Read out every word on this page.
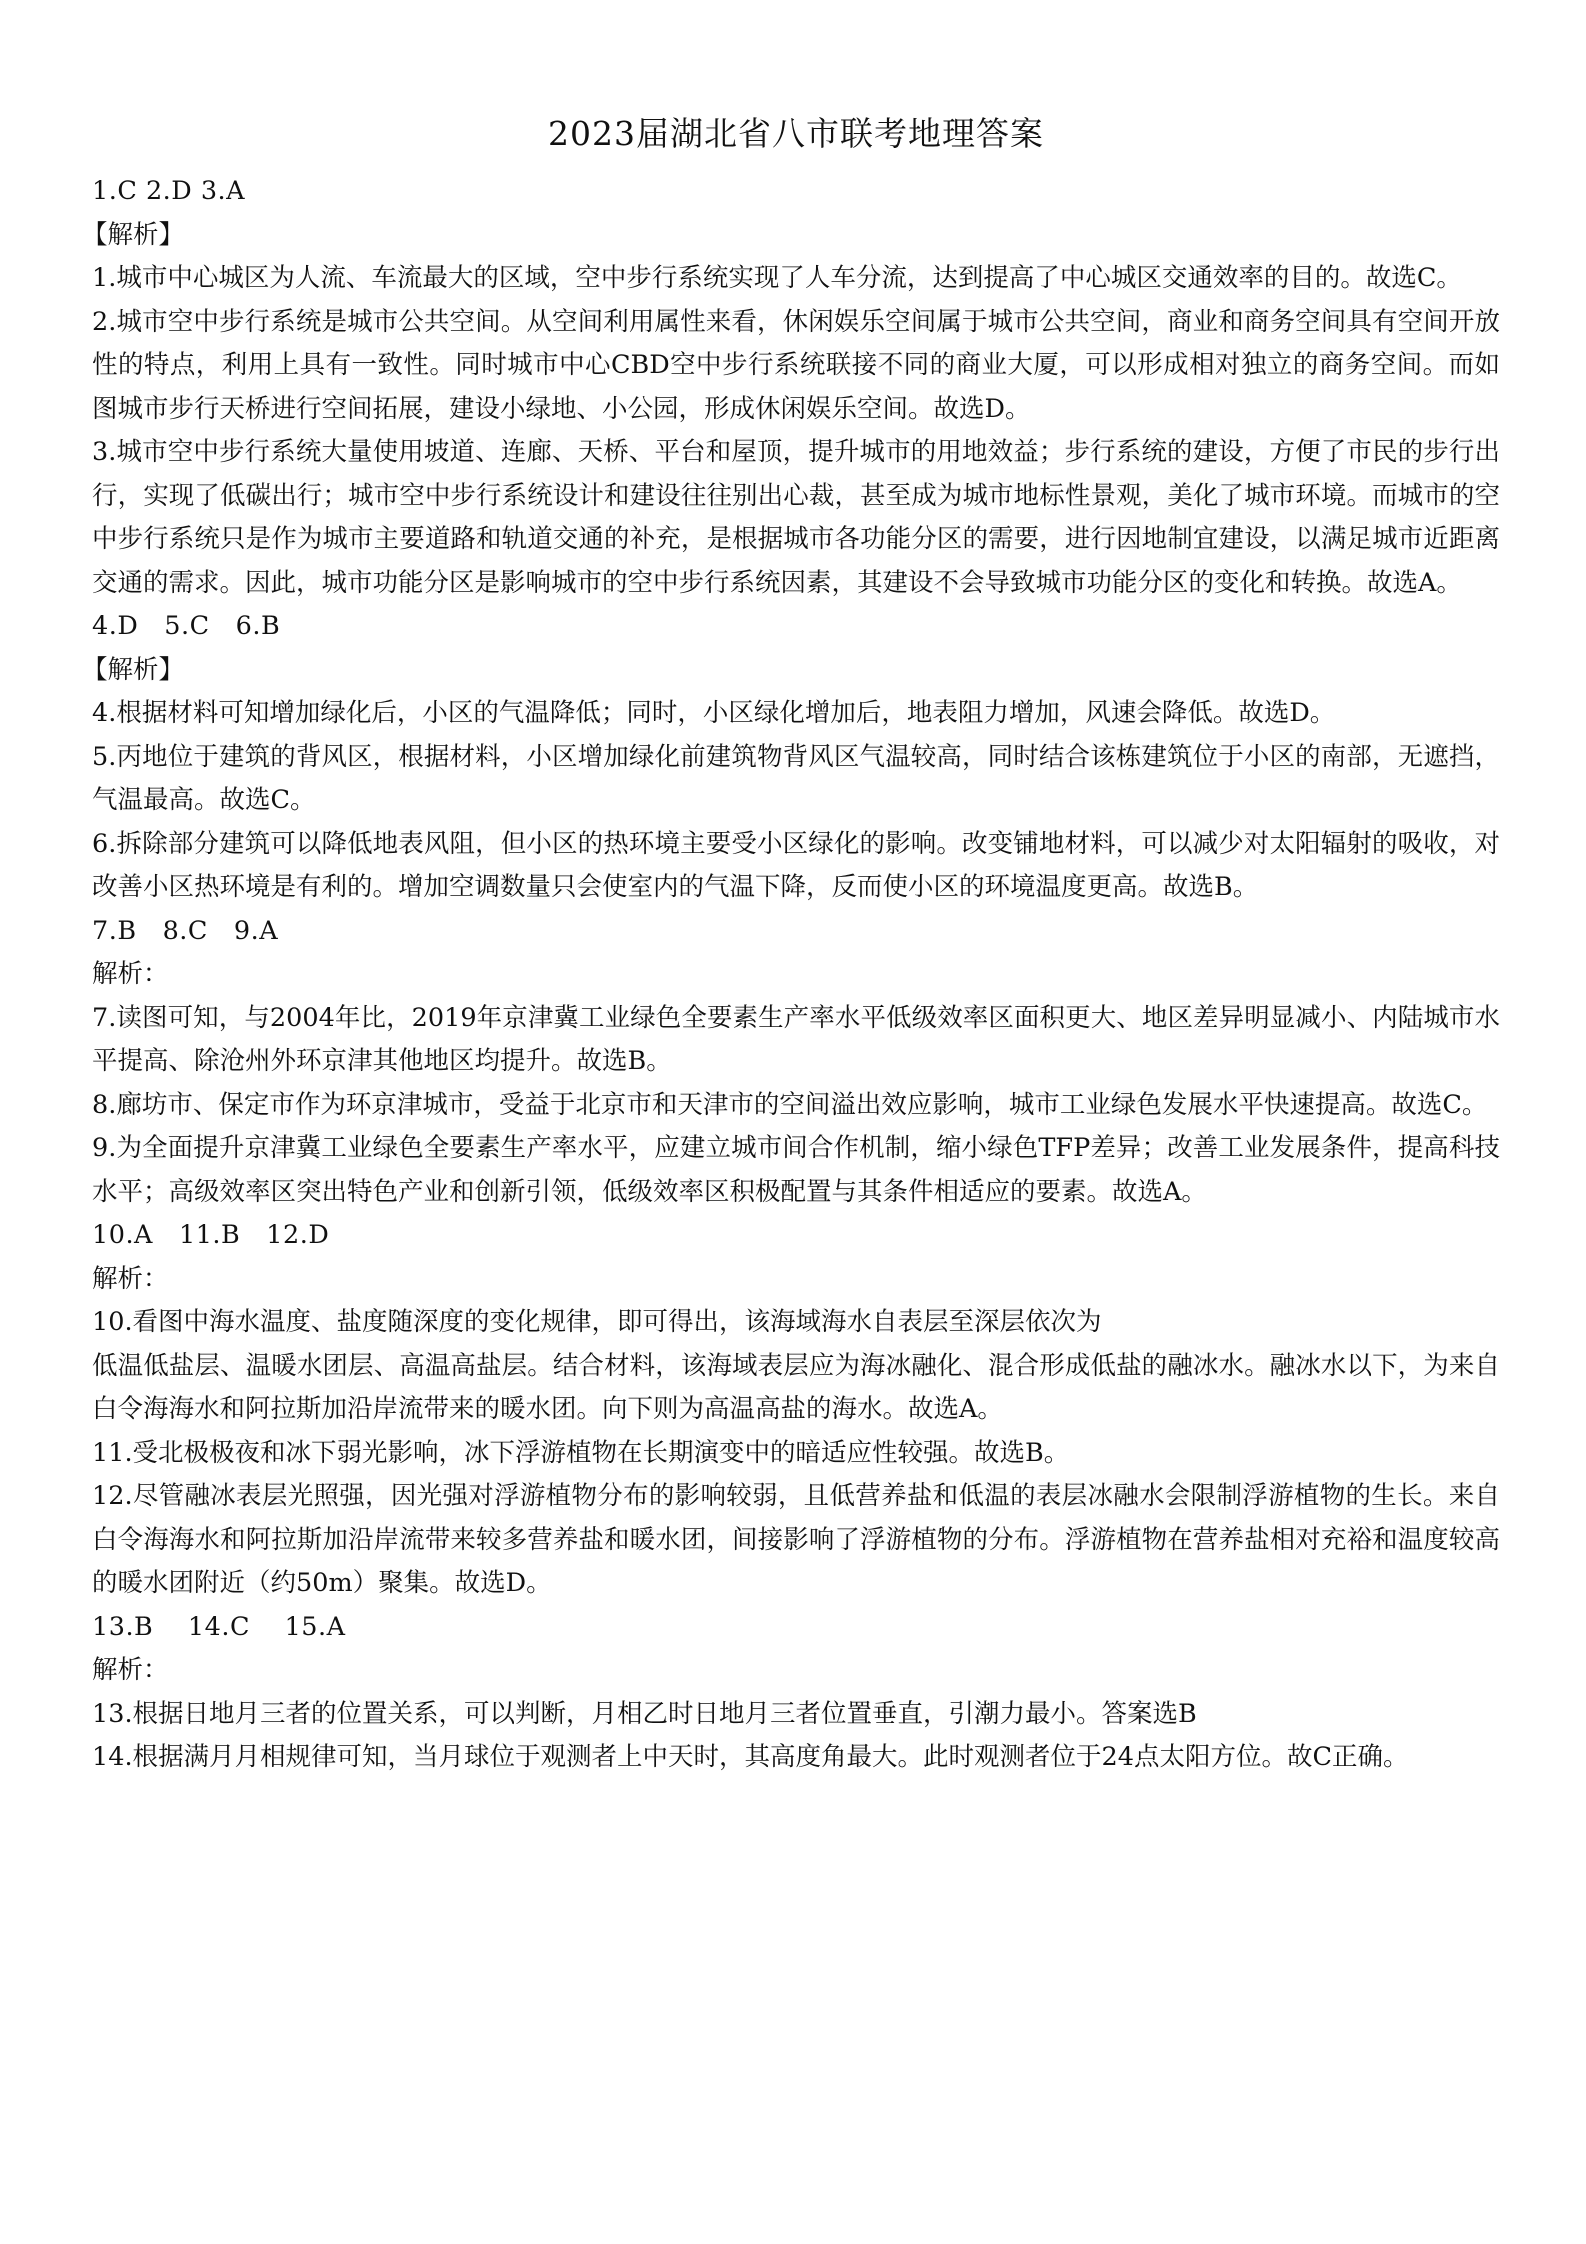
2023届湖北省八市联考地理答案

1.C 2.D 3.A

【解析】

1.城市中心城区为人流、车流最大的区域，空中步行系统实现了人车分流，达到提高了中心城区交通效率的目的。故选C。

2.城市空中步行系统是城市公共空间。从空间利用属性来看，休闲娱乐空间属于城市公共空间，商业和商务空间具有空间开放性的特点，利用上具有一致性。同时城市中心CBD空中步行系统联接不同的商业大厦，可以形成相对独立的商务空间。而如图城市步行天桥进行空间拓展，建设小绿地、小公园，形成休闲娱乐空间。故选D。

3.城市空中步行系统大量使用坡道、连廊、天桥、平台和屋顶，提升城市的用地效益；步行系统的建设，方便了市民的步行出行，实现了低碳出行；城市空中步行系统设计和建设往往别出心裁，甚至成为城市地标性景观，美化了城市环境。而城市的空中步行系统只是作为城市主要道路和轨道交通的补充，是根据城市各功能分区的需要，进行因地制宜建设，以满足城市近距离交通的需求。因此，城市功能分区是影响城市的空中步行系统因素，其建设不会导致城市功能分区的变化和转换。故选A。

4.D　5.C　6.B

【解析】

4.根据材料可知增加绿化后，小区的气温降低；同时，小区绿化增加后，地表阻力增加，风速会降低。故选D。

5.丙地位于建筑的背风区，根据材料，小区增加绿化前建筑物背风区气温较高，同时结合该栋建筑位于小区的南部，无遮挡，气温最高。故选C。

6.拆除部分建筑可以降低地表风阻，但小区的热环境主要受小区绿化的影响。改变铺地材料，可以减少对太阳辐射的吸收，对改善小区热环境是有利的。增加空调数量只会使室内的气温下降，反而使小区的环境温度更高。故选B。

7.B　8.C　9.A

解析：

7.读图可知，与2004年比，2019年京津冀工业绿色全要素生产率水平低级效率区面积更大、地区差异明显减小、内陆城市水平提高、除沧州外环京津其他地区均提升。故选B。

8.廊坊市、保定市作为环京津城市，受益于北京市和天津市的空间溢出效应影响，城市工业绿色发展水平快速提高。故选C。

9.为全面提升京津冀工业绿色全要素生产率水平，应建立城市间合作机制，缩小绿色TFP差异；改善工业发展条件，提高科技水平；高级效率区突出特色产业和创新引领，低级效率区积极配置与其条件相适应的要素。故选A。

10.A　11.B　12.D

解析：

10.看图中海水温度、盐度随深度的变化规律，即可得出，该海域海水自表层至深层依次为

低温低盐层、温暖水团层、高温高盐层。结合材料，该海域表层应为海冰融化、混合形成低盐的融冰水。融冰水以下，为来自白令海海水和阿拉斯加沿岸流带来的暖水团。向下则为高温高盐的海水。故选A。

11.受北极极夜和冰下弱光影响，冰下浮游植物在长期演变中的暗适应性较强。故选B。

12.尽管融冰表层光照强，因光强对浮游植物分布的影响较弱，且低营养盐和低温的表层冰融水会限制浮游植物的生长。来自白令海海水和阿拉斯加沿岸流带来较多营养盐和暖水团，间接影响了浮游植物的分布。浮游植物在营养盐相对充裕和温度较高的暖水团附近（约50m）聚集。故选D。

13.B　 14.C　 15.A

解析：

13.根据日地月三者的位置关系，可以判断，月相乙时日地月三者位置垂直，引潮力最小。答案选B

14.根据满月月相规律可知，当月球位于观测者上中天时，其高度角最大。此时观测者位于24点太阳方位。故C正确。
